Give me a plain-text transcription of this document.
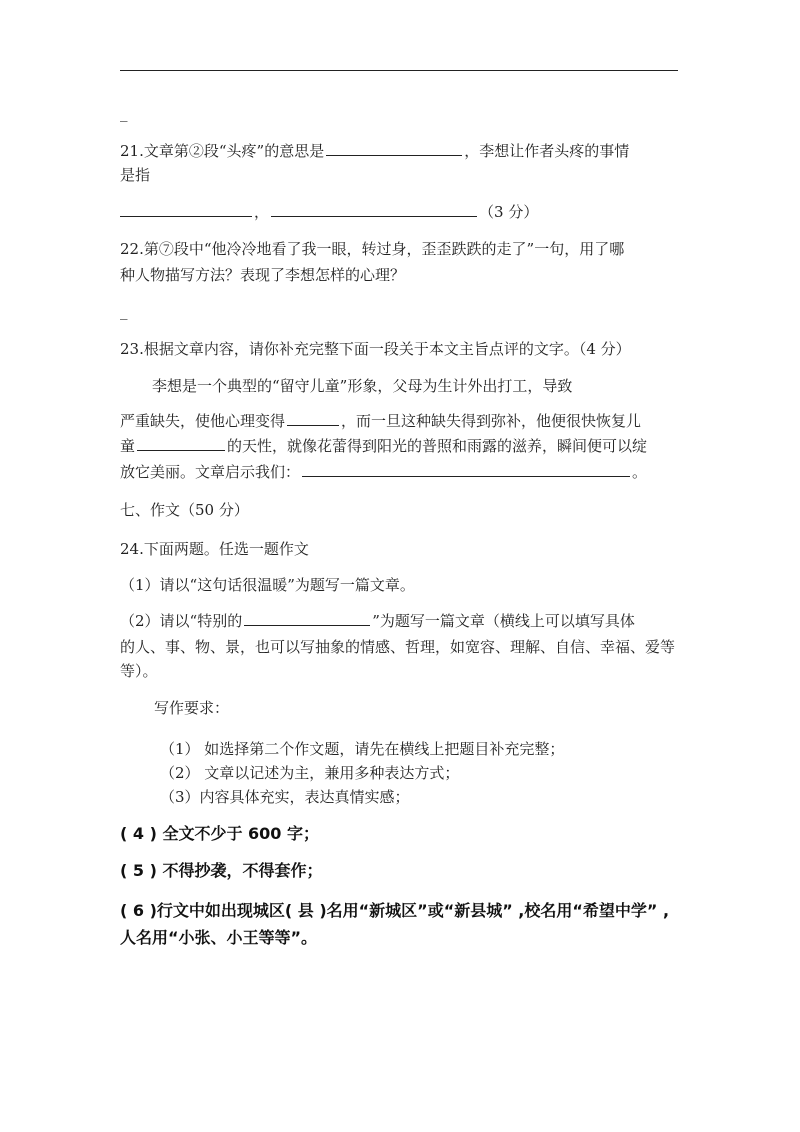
_
21.文章第②段“头疼”的意思是	，李想让作者头疼的事情
是指
，	（3 分）
22.第⑦段中“他冷冷地看了我一眼，转过身，歪歪跌跌的走了”一句，用了哪
种人物描写方法？表现了李想怎样的心理？
_
23.根据文章内容，请你补充完整下面一段关于本文主旨点评的文字。（4 分）
李想是一个典型的“留守儿童”形象，父母为生计外出打工，导致
严重缺失，使他心理变得	，而一旦这种缺失得到弥补，他便很快恢复儿
童	的天性，就像花蕾得到阳光的普照和雨露的滋养，瞬间便可以绽
放它美丽。文章启示我们：	。
七、作文（50 分）
24.下面两题。任选一题作文
（1）请以“这句话很温暖”为题写一篇文章。
（2）请以“特别的	”为题写一篇文章（横线上可以填写具体
的人、事、物、景，也可以写抽象的情感、哲理，如宽容、理解、自信、幸福、爱等
等）。
写作要求：
（1） 如选择第二个作文题，请先在横线上把题目补充完整；
（2） 文章以记述为主，兼用多种表达方式；
（3）内容具体充实，表达真情实感；
( 4 ) 全文不少于 600 字；
( 5 ) 不得抄袭，不得套作；
( 6 )行文中如出现城区( 县 )名用“新城区”或“新县城” ,校名用“希望中学” ,
人名用“小张、小王等等”。
